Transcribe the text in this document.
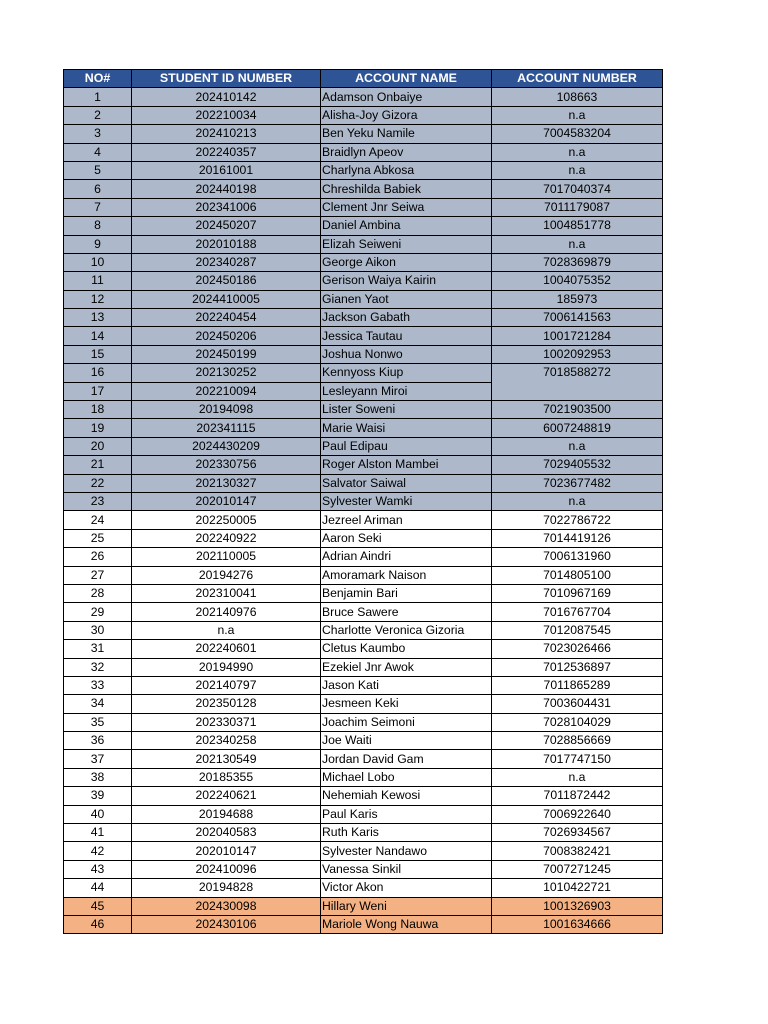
NO#	STUDENT ID NUMBER	ACCOUNT NAME	ACCOUNT NUMBER
1	202410142	Adamson Onbaiye	108663
2	202210034	Alisha-Joy Gizora	n.a
3	202410213	Ben Yeku Namile	7004583204
4	202240357	Braidlyn Apeov	n.a
5	20161001	Charlyna Abkosa	n.a
6	202440198	Chreshilda Babiek	7017040374
7	202341006	Clement Jnr Seiwa	7011179087
8	202450207	Daniel Ambina	1004851778
9	202010188	Elizah Seiweni	n.a
10	202340287	George Aikon	7028369879
11	202450186	Gerison Waiya Kairin	1004075352
12	2024410005	Gianen Yaot	185973
13	202240454	Jackson Gabath	7006141563
14	202450206	Jessica Tautau	1001721284
15	202450199	Joshua Nonwo	1002092953
16	202130252	Kennyoss Kiup	7018588272
17	202210094	Lesleyann Miroi	
18	20194098	Lister Soweni	7021903500
19	202341115	Marie Waisi	6007248819
20	2024430209	Paul Edipau	n.a
21	202330756	Roger Alston Mambei	7029405532
22	202130327	Salvator Saiwal	7023677482
23	202010147	Sylvester Wamki	n.a
24	202250005	Jezreel Ariman	7022786722
25	202240922	Aaron Seki	7014419126
26	202110005	Adrian Aindri	7006131960
27	20194276	Amoramark Naison	7014805100
28	202310041	Benjamin Bari	7010967169
29	202140976	Bruce Sawere	7016767704
30	n.a	Charlotte Veronica Gizoria	7012087545
31	202240601	Cletus Kaumbo	7023026466
32	20194990	Ezekiel Jnr Awok	7012536897
33	202140797	Jason Kati	7011865289
34	202350128	Jesmeen Keki	7003604431
35	202330371	Joachim Seimoni	7028104029
36	202340258	Joe Waiti	7028856669
37	202130549	Jordan David Gam	7017747150
38	20185355	Michael Lobo	n.a
39	202240621	Nehemiah Kewosi	7011872442
40	20194688	Paul Karis	7006922640
41	202040583	Ruth Karis	7026934567
42	202010147	Sylvester Nandawo	7008382421
43	202410096	Vanessa Sinkil	7007271245
44	20194828	Victor Akon	1010422721
45	202430098	Hillary Weni	1001326903
46	202430106	Mariole Wong Nauwa	1001634666
